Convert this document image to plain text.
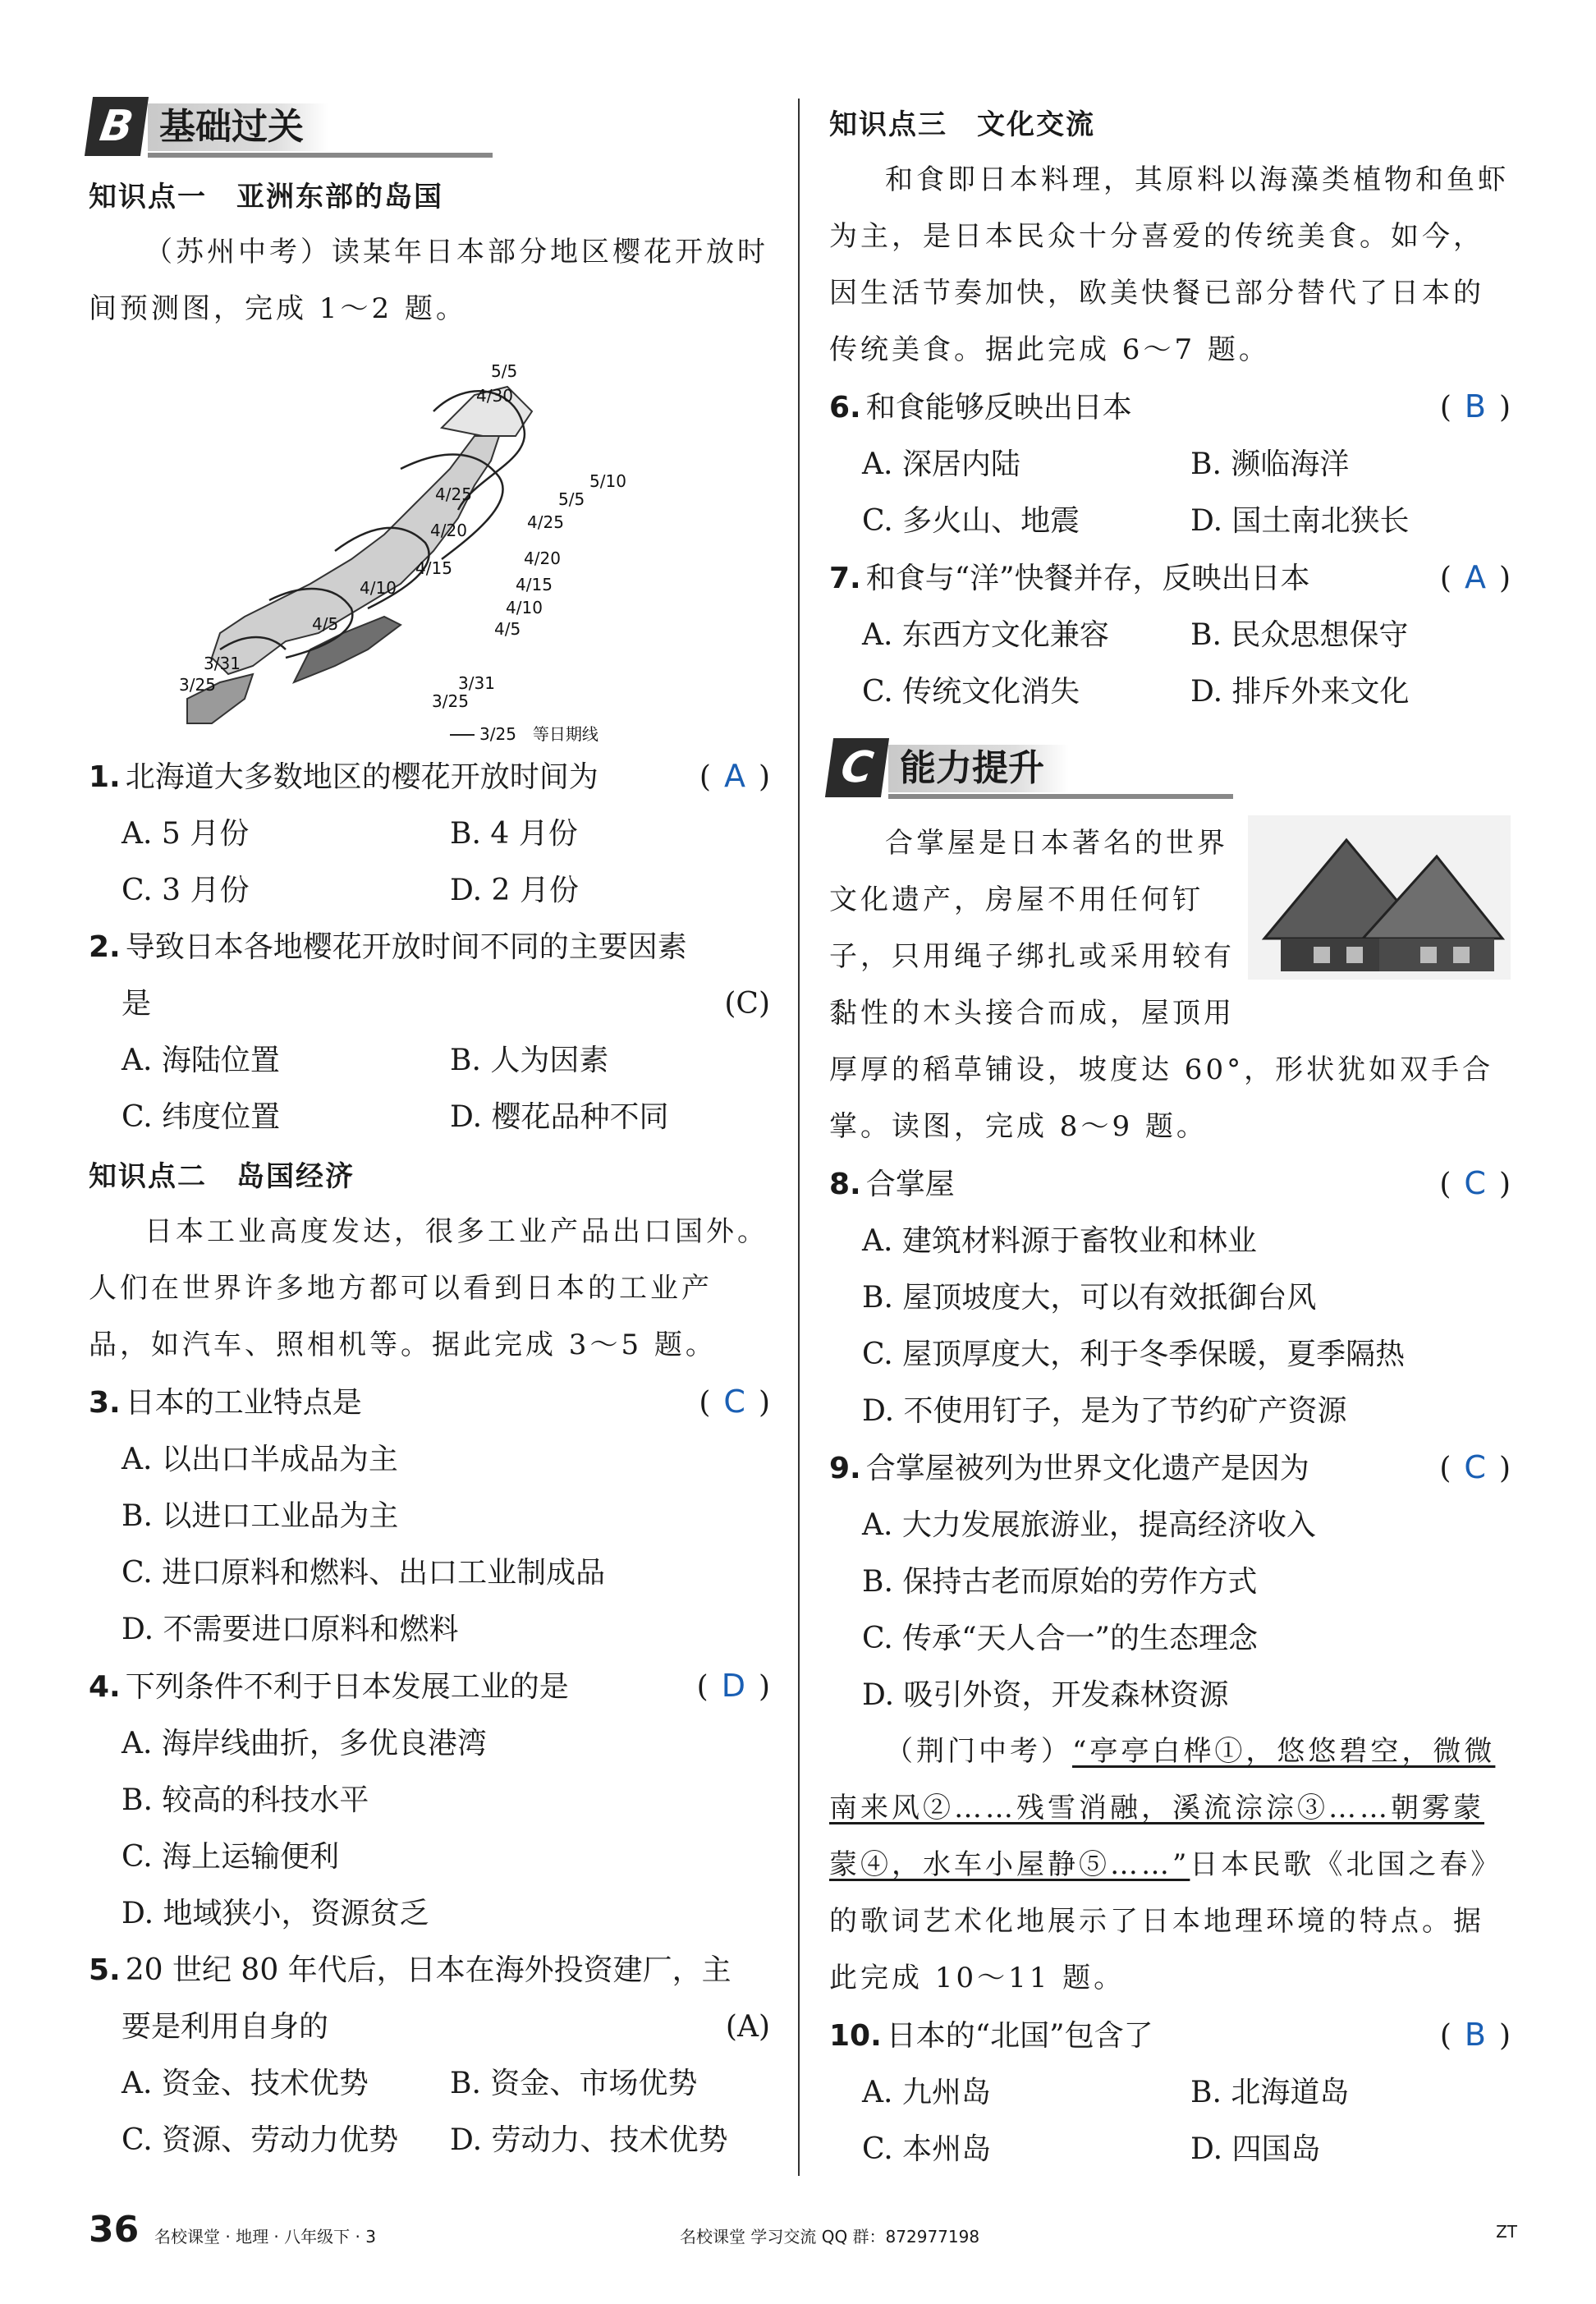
B 基础过关
知识点一　亚洲东部的岛国

（苏州中考）读某年日本部分地区樱花开放时间预测图，完成 1～2 题。

5/5
4/30
5/10
5/5
4/25
4/25
4/20
4/20
4/15
4/15
4/10
4/10
4/5	4/5
3/31
3/25	3/31
3/25
3/25　等日期线
1. 北海道大多数地区的樱花开放时间为	( A )
A. 5 月份	B. 4 月份
C. 3 月份	D. 2 月份
2. 导致日本各地樱花开放时间不同的主要因素
是	(C)
A. 海陆位置	B. 人为因素
C. 纬度位置	D. 樱花品种不同
知识点二　岛国经济

日本工业高度发达，很多工业产品出口国外。人们在世界许多地方都可以看到日本的工业产品，如汽车、照相机等。据此完成 3～5 题。

3. 日本的工业特点是	( C )
A. 以出口半成品为主
B. 以进口工业品为主
C. 进口原料和燃料、出口工业制成品
D. 不需要进口原料和燃料
4. 下列条件不利于日本发展工业的是	( D )
A. 海岸线曲折，多优良港湾
B. 较高的科技水平
C. 海上运输便利
D. 地域狭小，资源贫乏
5. 20 世纪 80 年代后，日本在海外投资建厂，主
要是利用自身的	(A)
A. 资金、技术优势	B. 资金、市场优势
C. 资源、劳动力优势	D. 劳动力、技术优势
知识点三　文化交流

和食即日本料理，其原料以海藻类植物和鱼虾为主，是日本民众十分喜爱的传统美食。如今，因生活节奏加快，欧美快餐已部分替代了日本的传统美食。据此完成 6～7 题。

6. 和食能够反映出日本	( B )
A. 深居内陆	B. 濒临海洋
C. 多火山、地震	D. 国土南北狭长
7. 和食与“洋”快餐并存，反映出日本	( A )
A. 东西方文化兼容	B. 民众思想保守
C. 传统文化消失	D. 排斥外来文化
C 能力提升

合掌屋是日本著名的世界文化遗产，房屋不用任何钉子，只用绳子绑扎或采用较有黏性的木头接合而成，屋顶用厚厚的稻草铺设，坡度达 60°，形状犹如双手合掌。读图，完成 8～9 题。

8. 合掌屋	( C )
A. 建筑材料源于畜牧业和林业
B. 屋顶坡度大，可以有效抵御台风
C. 屋顶厚度大，利于冬季保暖，夏季隔热
D. 不使用钉子，是为了节约矿产资源
9. 合掌屋被列为世界文化遗产是因为	( C )
A. 大力发展旅游业，提高经济收入
B. 保持古老而原始的劳作方式
C. 传承“天人合一”的生态理念
D. 吸引外资，开发森林资源

（荆门中考）“亭亭白桦①，悠悠碧空，微微南来风②……残雪消融，溪流淙淙③……朝雾蒙蒙④，水车小屋静⑤……”日本民歌《北国之春》的歌词艺术化地展示了日本地理环境的特点。据此完成 10～11 题。

10. 日本的“北国”包含了	( B )
A. 九州岛	B. 北海道岛
C. 本州岛	D. 四国岛
36 名校课堂 · 地理 · 八年级下 · 3	名校课堂 学习交流 QQ 群：872977198	ZT
